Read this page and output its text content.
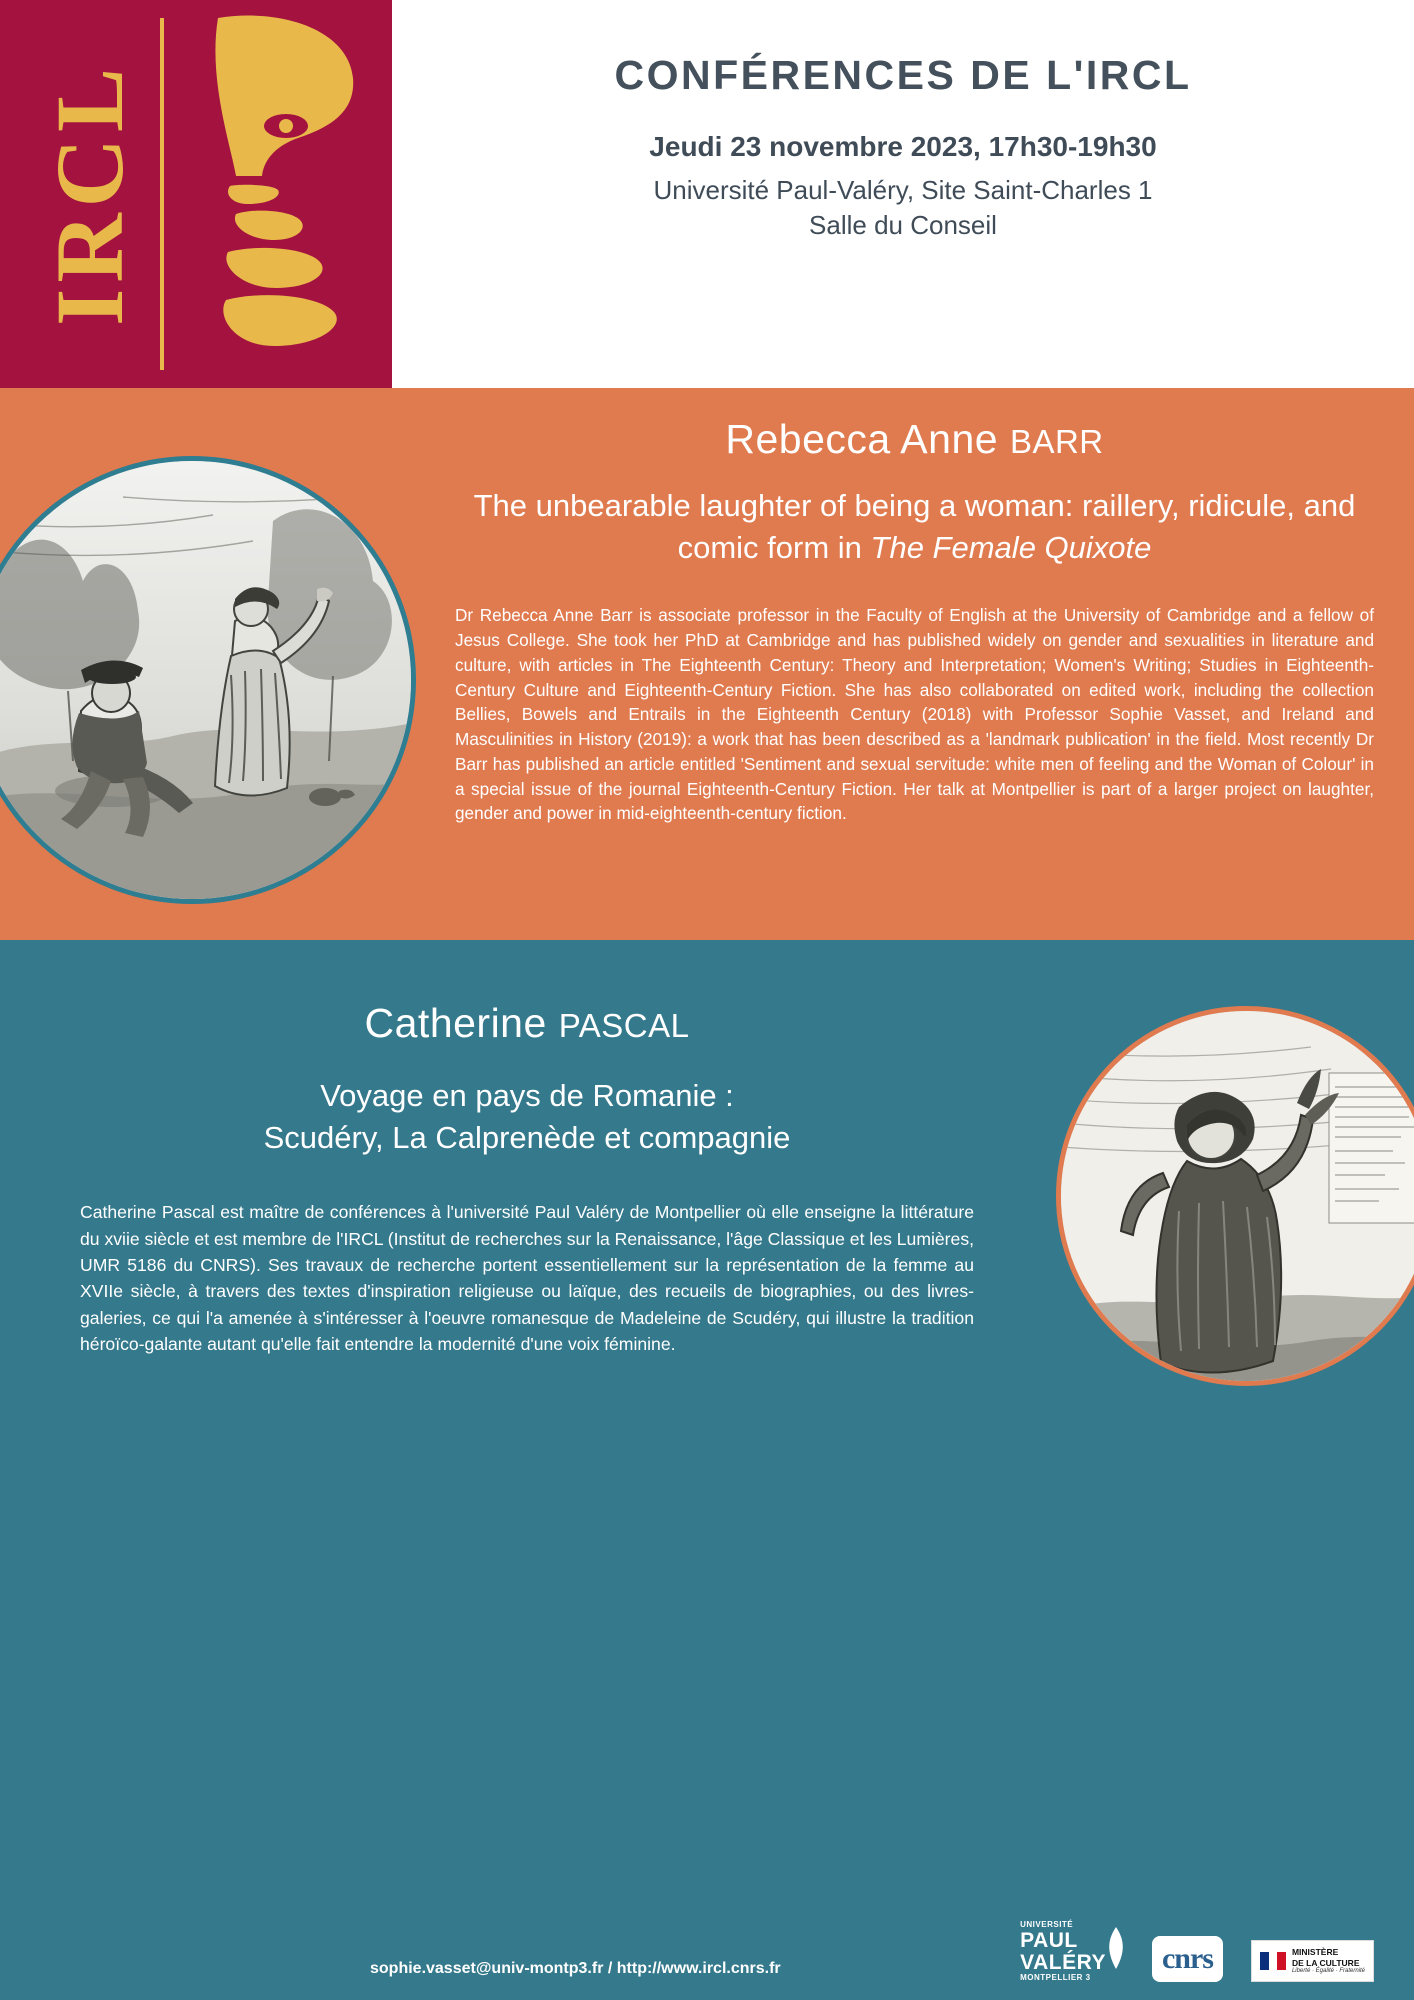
IRCL	CONFÉRENCES DE L'IRCL
Jeudi 23 novembre 2023, 17h30-19h30
Université Paul-Valéry, Site Saint-Charles 1
Salle du Conseil
Rebecca Anne BARR
The unbearable laughter of being a woman: raillery, ridicule, and comic form in The Female Quixote
Dr Rebecca Anne Barr is associate professor in the Faculty of English at the University of Cambridge and a fellow of Jesus College. She took her PhD at Cambridge and has published widely on gender and sexualities in literature and culture, with articles in The Eighteenth Century: Theory and Interpretation; Women's Writing; Studies in Eighteenth-Century Culture and Eighteenth-Century Fiction. She has also collaborated on edited work, including the collection Bellies, Bowels and Entrails in the Eighteenth Century (2018) with Professor Sophie Vasset, and Ireland and Masculinities in History (2019): a work that has been described as a 'landmark publication' in the field. Most recently Dr Barr has published an article entitled 'Sentiment and sexual servitude: white men of feeling and the Woman of Colour' in a special issue of the journal Eighteenth-Century Fiction. Her talk at Montpellier is part of a larger project on laughter, gender and power in mid-eighteenth-century fiction.
Catherine PASCAL
Voyage en pays de Romanie :
Scudéry, La Calprenède et compagnie
Catherine Pascal est maître de conférences à l'université Paul Valéry de Montpellier où elle enseigne la littérature du xviie siècle et est membre de l'IRCL (Institut de recherches sur la Renaissance, l'âge Classique et les Lumières, UMR 5186 du CNRS). Ses travaux de recherche portent essentiellement sur la représentation de la femme au XVIIe siècle, à travers des textes d'inspiration religieuse ou laïque, des recueils de biographies, ou des livres-galeries, ce qui l'a amenée à s'intéresser à l'oeuvre romanesque de Madeleine de Scudéry, qui illustre la tradition héroïco-galante autant qu'elle fait entendre la modernité d'une voix féminine.
sophie.vasset@univ-montp3.fr / http://www.ircl.cnrs.fr
UNIVERSITÉ
PAUL
VALÉRY
MONTPELLIER 3
cnrs	MINISTÈRE
DE LA CULTURE
Liberté · Égalité · Fraternité
